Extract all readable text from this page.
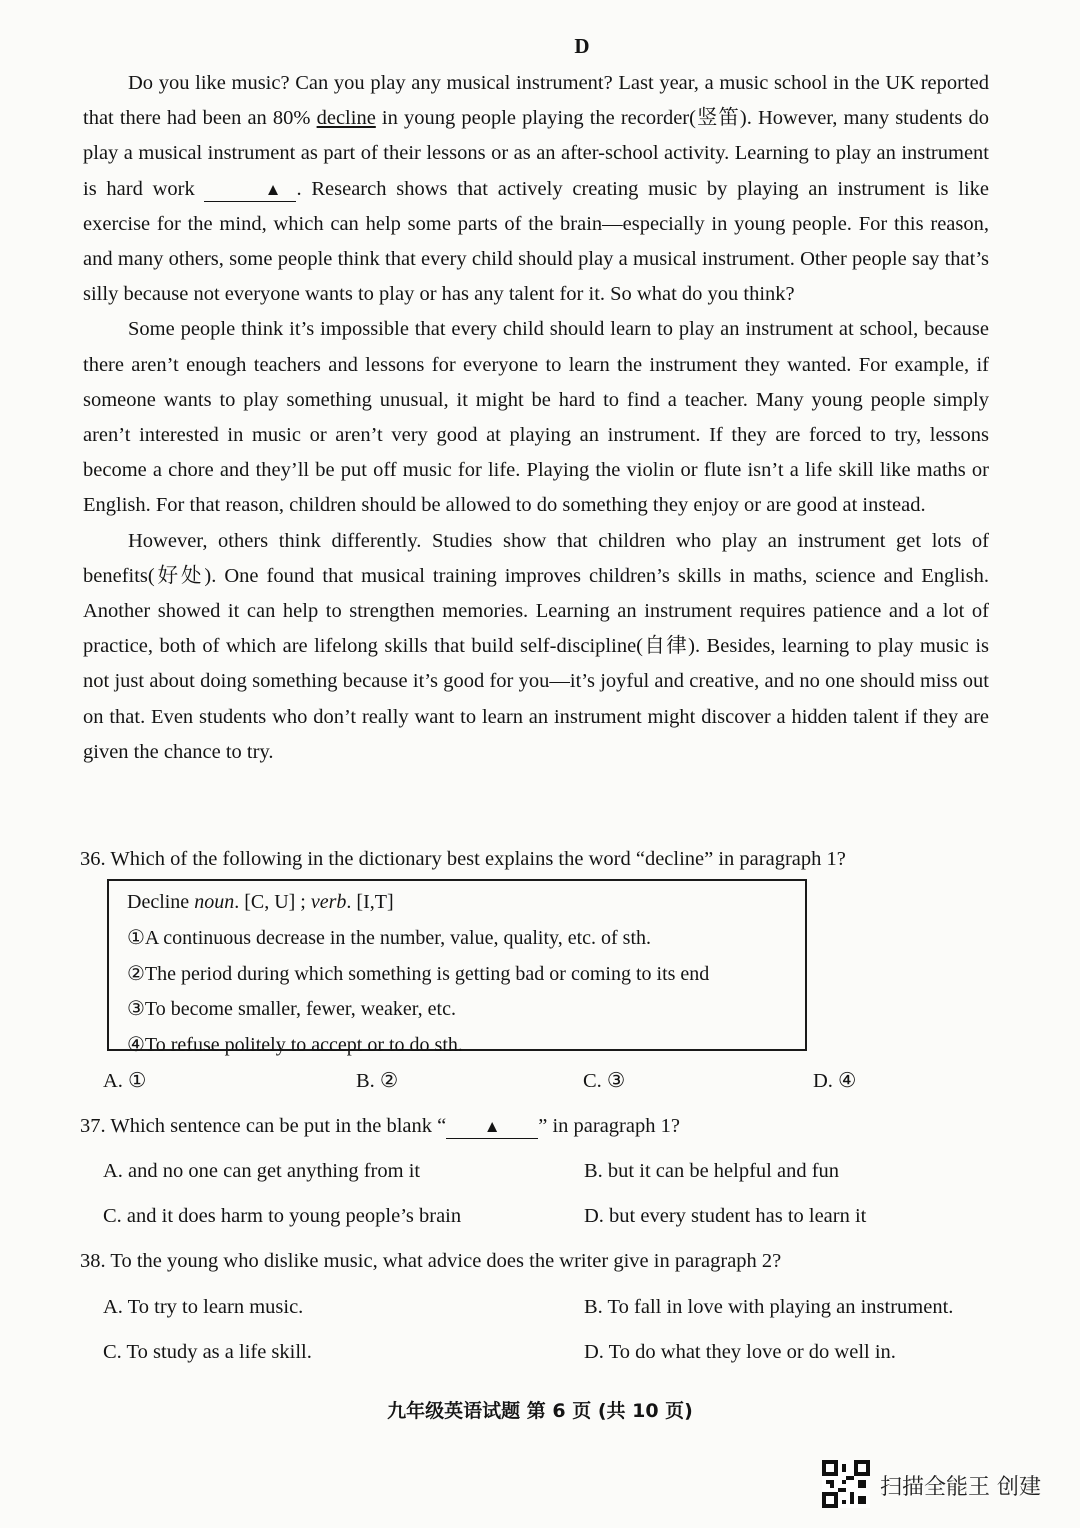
D

Do you like music? Can you play any musical instrument? Last year, a music school in the UK reported that there had been an 80% decline in young people playing the recorder(竖笛). However, many students do play a musical instrument as part of their lessons or as an after-school activity. Learning to play an instrument is hard work	▲ . Research shows that actively creating music by playing an instrument is like exercise for the mind, which can help some parts of the brain—especially in young people. For this reason, and many others, some people think that every child should play a musical instrument. Other people say that’s silly because not everyone wants to play or has any talent for it. So what do you think?

Some people think it’s impossible that every child should learn to play an instrument at school, because there aren’t enough teachers and lessons for everyone to learn the instrument they wanted. For example, if someone wants to play something unusual, it might be hard to find a teacher. Many young people simply aren’t interested in music or aren’t very good at playing an instrument. If they are forced to try, lessons become a chore and they’ll be put off music for life. Playing the violin or flute isn’t a life skill like maths or English. For that reason, children should be allowed to do something they enjoy or are good at instead.

However, others think differently. Studies show that children who play an instrument get lots of benefits(好处). One found that musical training improves children’s skills in maths, science and English. Another showed it can help to strengthen memories. Learning an instrument requires patience and a lot of practice, both of which are lifelong skills that build self-discipline(自律). Besides, learning to play music is not just about doing something because it’s good for you—it’s joyful and creative, and no one should miss out on that. Even students who don’t really want to learn an instrument might discover a hidden talent if they are given the chance to try.

36. Which of the following in the dictionary best explains the word “decline” in paragraph 1?
Decline noun. [C, U] ; verb. [I,T]
①A continuous decrease in the number, value, quality, etc. of sth.
②The period during which something is getting bad or coming to its end
③To become smaller, fewer, weaker, etc.
④To refuse politely to accept or to do sth.
A. ①	B. ②	C. ③	D. ④
37. Which sentence can be put in the blank “ ▲ ” in paragraph 1?
A. and no one can get anything from it	B. but it can be helpful and fun
C. and it does harm to young people’s brain	D. but every student has to learn it
38. To the young who dislike music, what advice does the writer give in paragraph 2?
A. To try to learn music.	B. To fall in love with playing an instrument.
C. To study as a life skill.	D. To do what they love or do well in.
九年级英语试题 第 6 页 (共 10 页)
扫描全能王 创建
